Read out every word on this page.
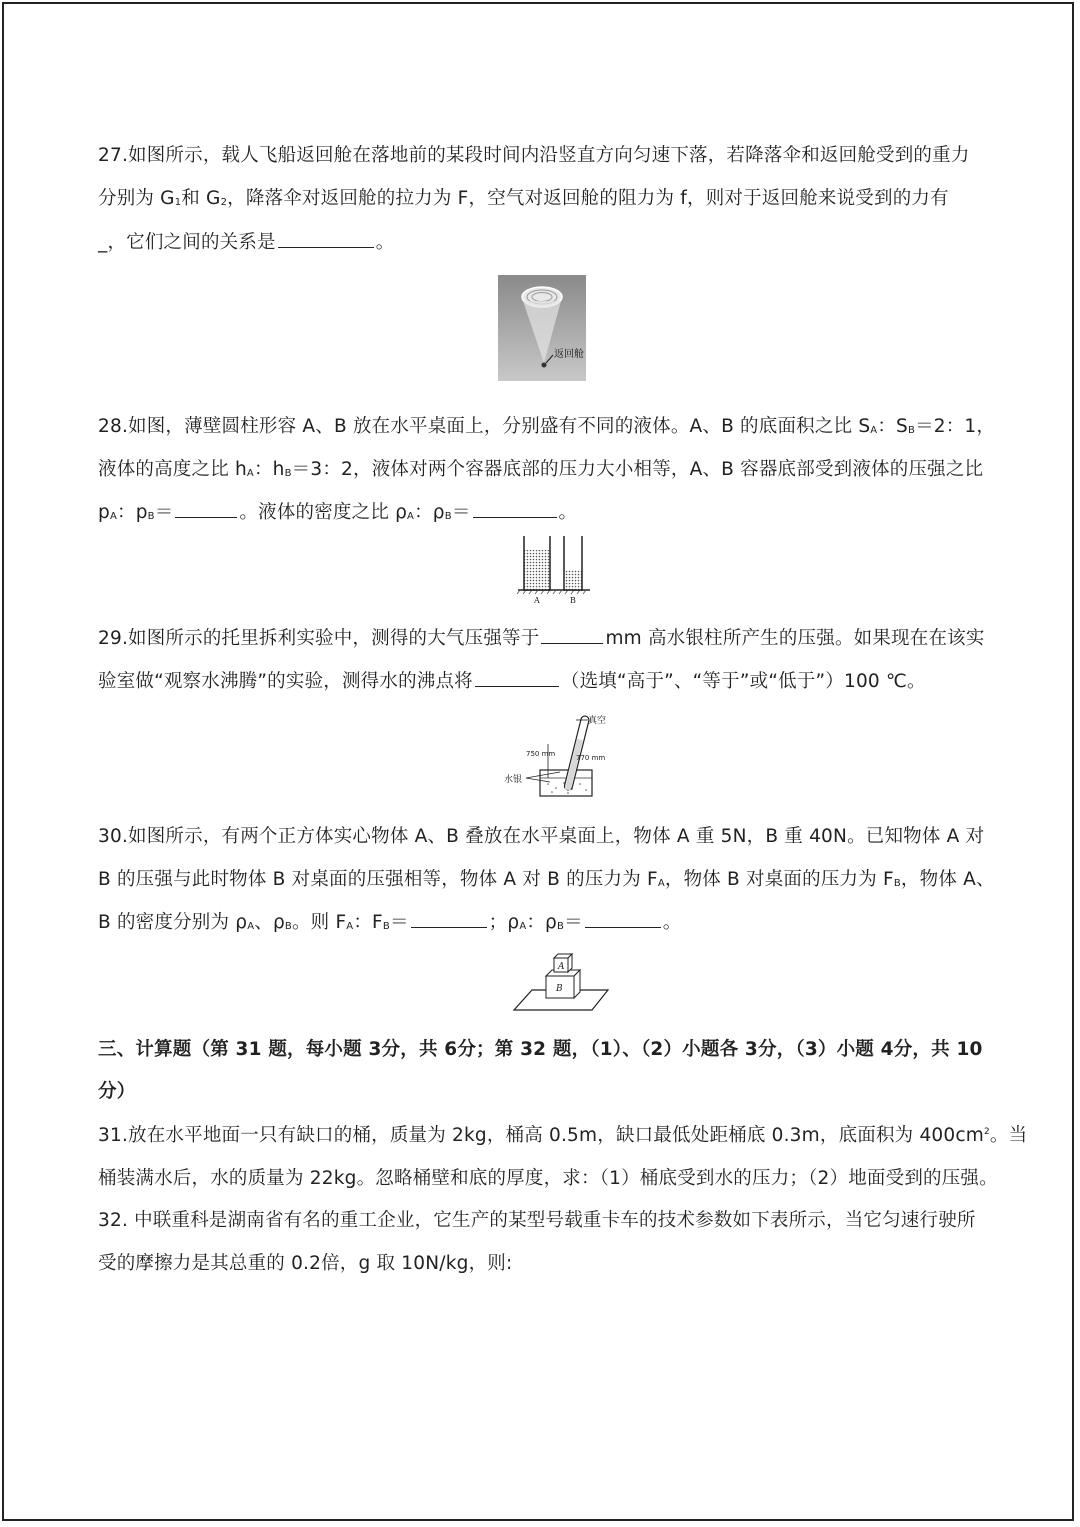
27.如图所示，载人飞船返回舱在落地前的某段时间内沿竖直方向匀速下落，若降落伞和返回舱受到的重力
分别为 $G_1$和 $G_2$，降落伞对返回舱的拉力为 F，空气对返回舱的阻力为 f，则对于返回舱来说受到的力有
_，它们之间的关系是	。
返回舱
28.如图，薄壁圆柱形容 A、B 放在水平桌面上，分别盛有不同的液体。A、B 的底面积之比 $S_A$：$S_B=2$：1，
液体的高度之比 $h_A$：$h_B=3$：2，液体对两个容器底部的压力大小相等，A、B 容器底部受到液体的压强之比
$p_A$：$p_B=$	。液体的密度之比 $\rho_A$：$\rho_B=$	。
A	B
29.如图所示的托里拆利实验中，测得的大气压强等于	mm 高水银柱所产生的压强。如果现在在该实
验室做“观察水沸腾”的实验，测得水的沸点将	（选填“高于”、“等于”或“低于”）100 ℃。
真空
750 mm	770 mm
水银
30.如图所示，有两个正方体实心物体 A、B 叠放在水平桌面上，物体 A 重 5N，B 重 40N。已知物体 A 对
B 的压强与此时物体 B 对桌面的压强相等，物体 A 对 B 的压力为 $F_A$，物体 B 对桌面的压力为 $F_B$，物体 A、
B 的密度分别为 $\rho_A$、$\rho_B$。则 $F_A$：$F_B=$	；$\rho_A$：$\rho_B=$	。
A
B
三、计算题（第 31 题，每小题 3分，共 6分；第 32 题，（1）、（2）小题各 3分，（3）小题 4分，共 10
分）
31.放在水平地面一只有缺口的桶，质量为 2kg，桶高 0.5m，缺口最低处距桶底 0.3m，底面积为 $400cm^2$。当
桶装满水后，水的质量为 22kg。忽略桶壁和底的厚度，求：（1）桶底受到水的压力；（2）地面受到的压强。
32. 中联重科是湖南省有名的重工企业，它生产的某型号载重卡车的技术参数如下表所示，当它匀速行驶所
受的摩擦力是其总重的 0.2倍，g 取 10N/kg，则:
